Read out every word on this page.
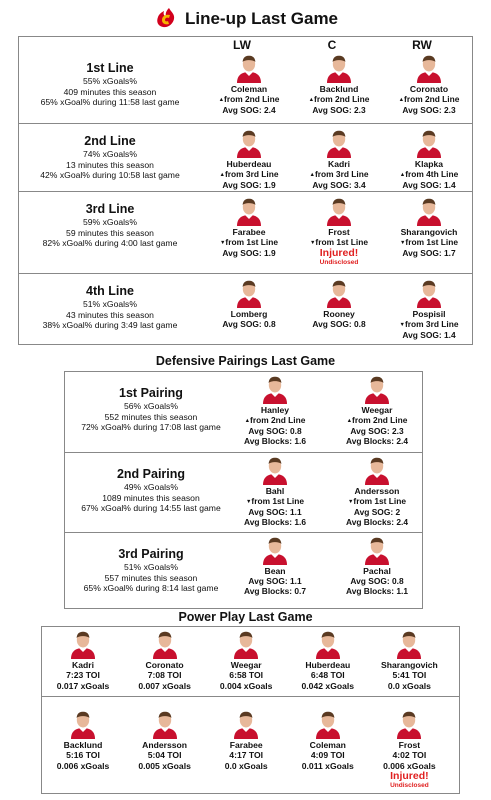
Line-up Last Game
LW	C	RW
1st Line
55% xGoals%
409 minutes this season
65% xGoal% during 11:58 last game
Coleman
▲from 2nd Line
Avg SOG: 2.4
Backlund
▲from 2nd Line
Avg SOG: 2.3
Coronato
▲from 2nd Line
Avg SOG: 2.3
2nd Line
74% xGoals%
13 minutes this season
42% xGoal% during 10:58 last game
Huberdeau
▲from 3rd Line
Avg SOG: 1.9
Kadri
▲from 3rd Line
Avg SOG: 3.4
Klapka
▲from 4th Line
Avg SOG: 1.4
3rd Line
59% xGoals%
59 minutes this season
82% xGoal% during 4:00 last game
Farabee
▼from 1st Line
Avg SOG: 1.9
Frost
▼from 1st Line
Injured!
Undisclosed
Sharangovich
▼from 1st Line
Avg SOG: 1.7
4th Line
51% xGoals%
43 minutes this season
38% xGoal% during 3:49 last game
Lomberg
Avg SOG: 0.8
Rooney
Avg SOG: 0.8
Pospisil
▼from 3rd Line
Avg SOG: 1.4
Defensive Pairings Last Game
1st Pairing
56% xGoals%
552 minutes this season
72% xGoal% during 17:08 last game
Hanley
▲from 2nd Line
Avg SOG: 0.8
Avg Blocks: 1.6
Weegar
▲from 2nd Line
Avg SOG: 2.3
Avg Blocks: 2.4
2nd Pairing
49% xGoals%
1089 minutes this season
67% xGoal% during 14:55 last game
Bahl
▼from 1st Line
Avg SOG: 1.1
Avg Blocks: 1.6
Andersson
▼from 1st Line
Avg SOG: 2
Avg Blocks: 2.4
3rd Pairing
51% xGoals%
557 minutes this season
65% xGoal% during 8:14 last game
Bean
Avg SOG: 1.1
Avg Blocks: 0.7
Pachal
Avg SOG: 0.8
Avg Blocks: 1.1
Power Play Last Game
Kadri
7:23 TOI
0.017 xGoals
Coronato
7:08 TOI
0.007 xGoals
Weegar
6:58 TOI
0.004 xGoals
Huberdeau
6:48 TOI
0.042 xGoals
Sharangovich
5:41 TOI
0.0 xGoals
Backlund
5:16 TOI
0.006 xGoals
Andersson
5:04 TOI
0.005 xGoals
Farabee
4:17 TOI
0.0 xGoals
Coleman
4:09 TOI
0.011 xGoals
Frost
4:02 TOI
0.006 xGoals
Injured!
Undisclosed
